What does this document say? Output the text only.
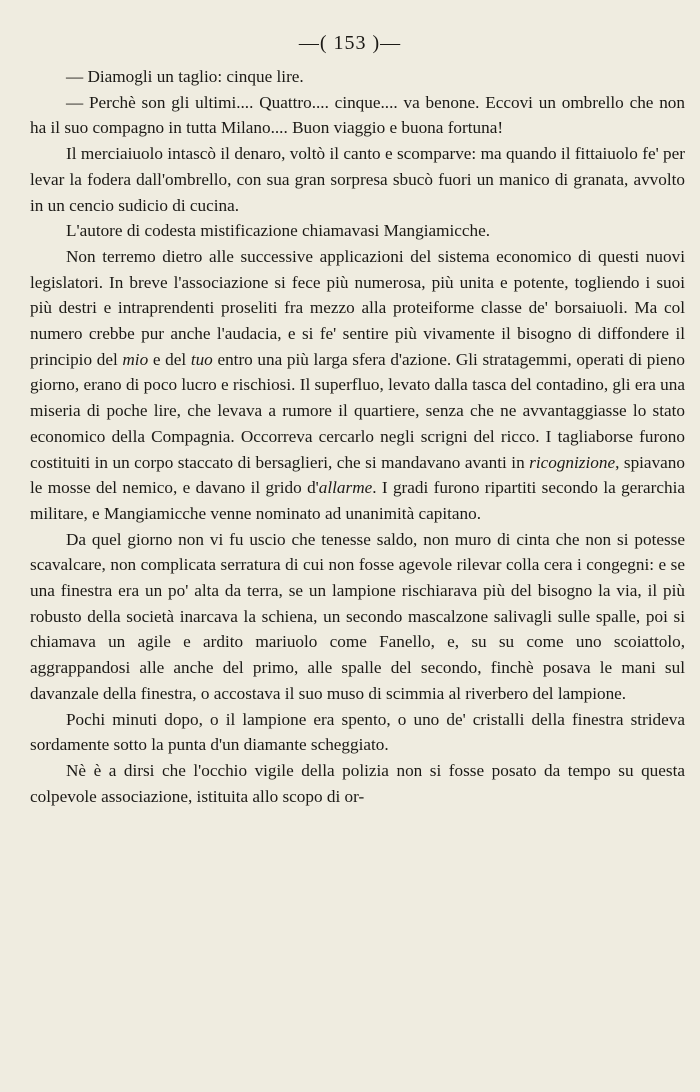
—( 153 )—

— Diamogli un taglio: cinque lire.

— Perchè son gli ultimi.... Quattro.... cinque.... va benone. Eccovi un ombrello che non ha il suo compagno in tutta Milano.... Buon viaggio e buona fortuna!

Il merciaiuolo intascò il denaro, voltò il canto e scomparve: ma quando il fittaiuolo fe' per levar la fodera dall'ombrello, con sua gran sorpresa sbucò fuori un manico di granata, avvolto in un cencio sudicio di cucina.

L'autore di codesta mistificazione chiamavasi Mangiamicche.

Non terremo dietro alle successive applicazioni del sistema economico di questi nuovi legislatori. In breve l'associazione si fece più numerosa, più unita e potente, togliendo i suoi più destri e intraprendenti proseliti fra mezzo alla proteiforme classe de' borsaiuoli. Ma col numero crebbe pur anche l'audacia, e si fe' sentire più vivamente il bisogno di diffondere il principio del mio e del tuo entro una più larga sfera d'azione. Gli stratagemmi, operati di pieno giorno, erano di poco lucro e rischiosi. Il superfluo, levato dalla tasca del contadino, gli era una miseria di poche lire, che levava a rumore il quartiere, senza che ne avvantaggiasse lo stato economico della Compagnia. Occorreva cercarlo negli scrigni del ricco. I tagliaborse furono costituiti in un corpo staccato di bersaglieri, che si mandavano avanti in ricognizione, spiavano le mosse del nemico, e davano il grido d'allarme. I gradi furono ripartiti secondo la gerarchia militare, e Mangiamicche venne nominato ad unanimità capitano.

Da quel giorno non vi fu uscio che tenesse saldo, non muro di cinta che non si potesse scavalcare, non complicata serratura di cui non fosse agevole rilevar colla cera i congegni: e se una finestra era un po' alta da terra, se un lampione rischiarava più del bisogno la via, il più robusto della società inarcava la schiena, un secondo mascalzone salivagli sulle spalle, poi si chiamava un agile e ardito mariuolo come Fanello, e, su su come uno scoiattolo, aggrappandosi alle anche del primo, alle spalle del secondo, finchè posava le mani sul davanzale della finestra, o accostava il suo muso di scimmia al riverbero del lampione.

Pochi minuti dopo, o il lampione era spento, o uno de' cristalli della finestra strideva sordamente sotto la punta d'un diamante scheggiato.

Nè è a dirsi che l'occhio vigile della polizia non si fosse posato da tempo su questa colpevole associazione, istituita allo scopo di or-
